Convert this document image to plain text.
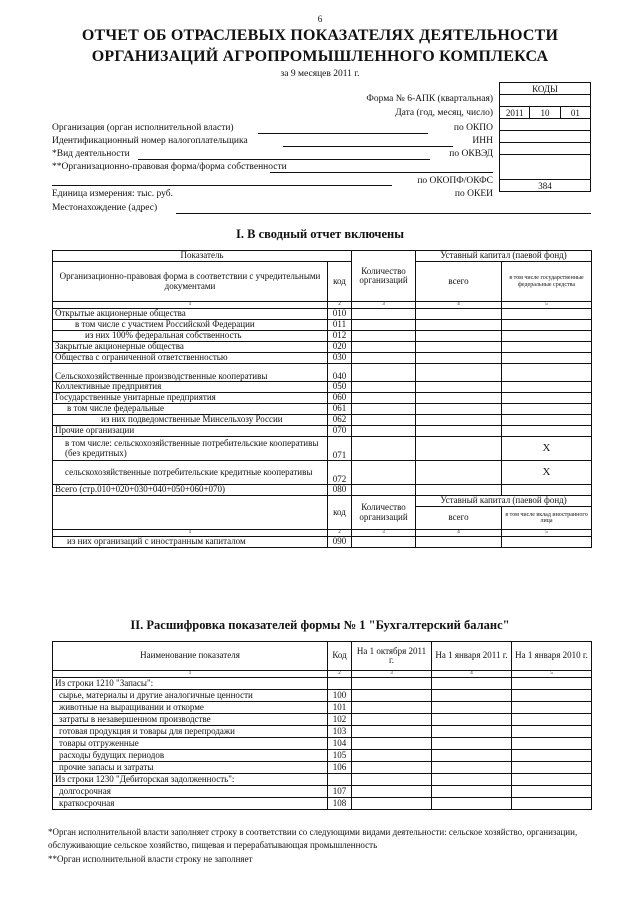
6
ОТЧЕТ ОБ ОТРАСЛЕВЫХ ПОКАЗАТЕЛЯХ ДЕЯТЕЛЬНОСТИ
ОРГАНИЗАЦИЙ АГРОПРОМЫШЛЕННОГО КОМПЛЕКСА
за 9 месяцев 2011 г.
Форма № 6-АПК (квартальная)
Дата (год, месяц, число)
КОДЫ

2011	10	01

384
Организация (орган исполнительной власти)	по ОКПО
Идентификационный номер налогоплательщика	ИНН
*Вид деятельности	по ОКВЭД
**Организационно-правовая форма/форма собственности
по ОКОПФ/ОКФС
Единица измерения: тыс. руб.	по ОКЕИ
Местонахождение (адрес)
I. В сводный отчет включены
Показатель		Количество организаций	Уставный капитал (паевой фонд)	
Организационно-правовая форма в соответствии с учредительными документами	код		всего	в том числе государственные федеральные средства
1	2	3	4	5
Открытые акционерные общества	010			
в том числе с участием Российской Федерации	011			
из них 100% федеральная собственность	012			
Закрытые акционерные общества	020			
Общества с ограниченной ответственностью	030			
Сельскохозяйственные производственные кооперативы	040			
Коллективные предприятия	050			
Государственные унитарные предприятия	060			
в том числе федеральные	061			
из них подведомственные Минсельхозу России	062			
Прочие организации	070			
в том числе: сельскохозяйственные потребительские кооперативы (без кредитных)	071			X
сельскохозяйственные потребительские кредитные кооперативы	072			X
Всего (стр.010+020+030+040+050+060+070)	080			
	код	Количество организаций	Уставный капитал (паевой фонд)	
			всего	в том числе вклад иностранного лица
1	2	3	4	5
из них организаций с иностранным капиталом	090			
II. Расшифровка показателей формы № 1 "Бухгалтерский баланс"
Наименование показателя	Код	На 1 октября 2011 г.	На 1 января 2011 г.	На 1 января 2010 г.
1	2	3	4	5
Из строки 1210 "Запасы":				
сырье, материалы и другие аналогичные ценности	100			
животные на выращивании и откорме	101			
затраты в незавершенном производстве	102			
готовая продукция и товары для перепродажи	103			
товары отгруженные	104			
расходы будущих периодов	105			
прочие запасы и затраты	106			
Из строки 1230 "Дебиторская задолженность":				
долгосрочная	107			
краткосрочная	108			
*Орган исполнительной власти заполняет строку в соответствии со следующими видами деятельности: сельское хозяйство, организации, обслуживающие сельское хозяйство, пищевая и перерабатывающая промышленность
**Орган исполнительной власти строку не заполняет
